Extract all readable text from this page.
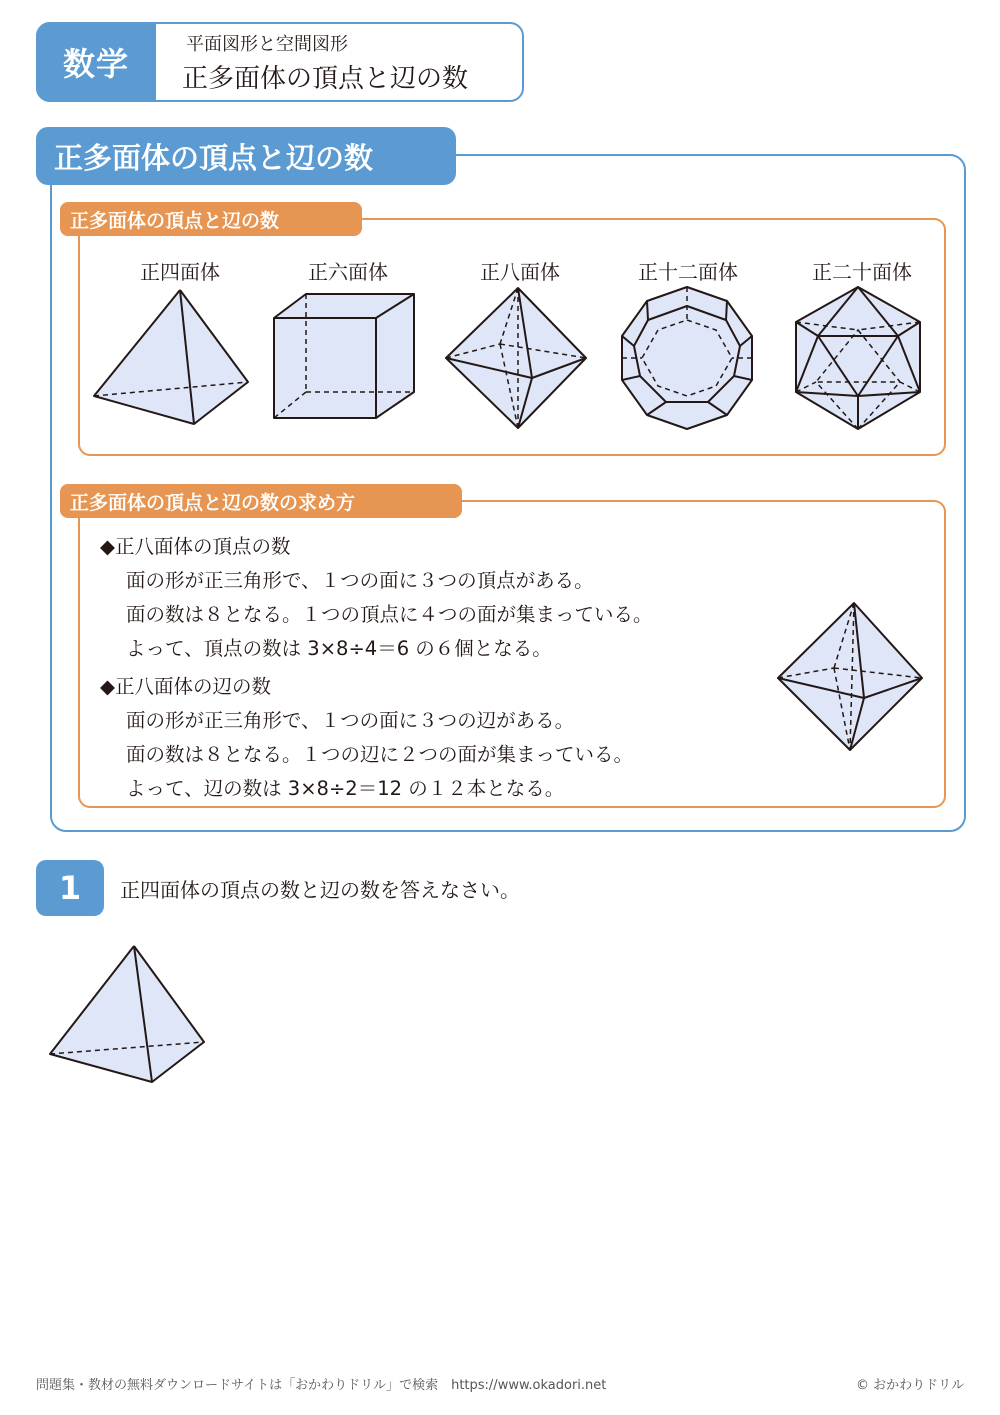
数学
平面図形と空間図形
正多面体の頂点と辺の数
正多面体の頂点と辺の数
正多面体の頂点と辺の数
正四面体	正六面体	正八面体	正十二面体	正二十面体
正多面体の頂点と辺の数の求め方
◆正八面体の頂点の数
面の形が正三角形で、１つの面に３つの頂点がある。
面の数は８となる。１つの頂点に４つの面が集まっている。
よって、頂点の数は 3×8÷4＝6 の６個となる。
◆正八面体の辺の数
面の形が正三角形で、１つの面に３つの辺がある。
面の数は８となる。１つの辺に２つの面が集まっている。
よって、辺の数は 3×8÷2＝12 の１２本となる。
1	正四面体の頂点の数と辺の数を答えなさい。
問題集・教材の無料ダウンロードサイトは「おかわりドリル」で検索　https://www.okadori.net	© おかわりドリル
